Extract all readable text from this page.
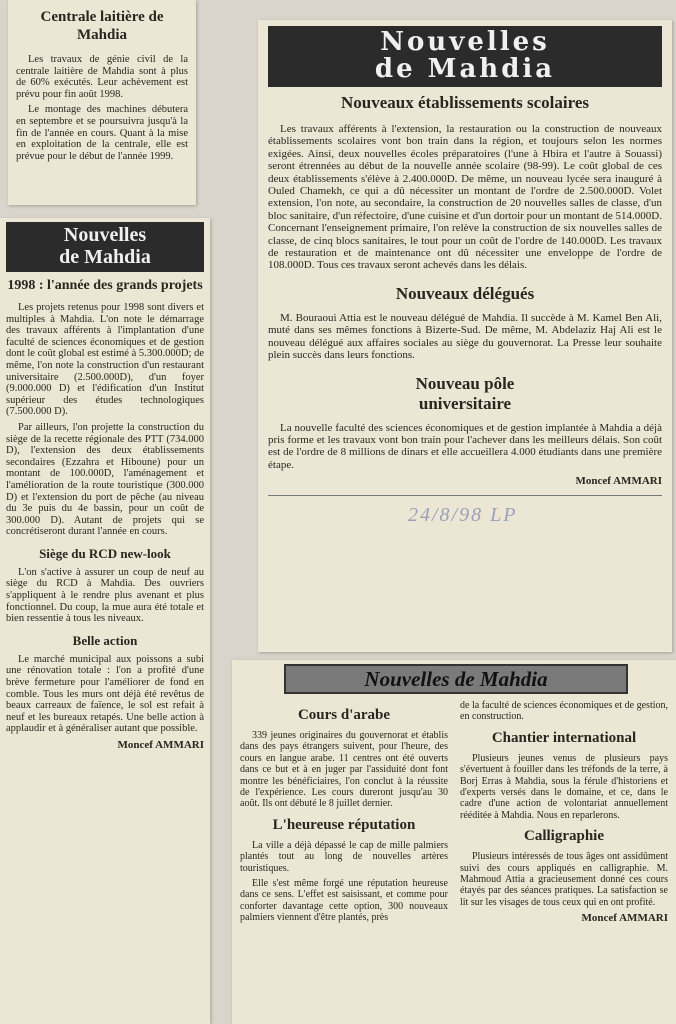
Centrale laitière de Mahdia

Les travaux de génie civil de la centrale laitière de Mahdia sont à plus de 60% exécutés. Leur achèvement est prévu pour fin août 1998.

Le montage des machines débutera en septembre et se poursuivra jusqu'à la fin de l'année en cours. Quant à la mise en exploitation de la centrale, elle est prévue pour le début de l'année 1999.

Nouvelles
de Mahdia
1998 : l'année des grands projets

Les projets retenus pour 1998 sont divers et multiples à Mahdia. L'on note le démarrage des travaux afférents à l'implantation d'une faculté de sciences économiques et de gestion dont le coût global est estimé à 5.300.000D; de même, l'on note la construction d'un restaurant universitaire (2.500.000D), d'un foyer (9.000.000 D) et l'édification d'un Institut supérieur des études technologiques (7.500.000 D).

Par ailleurs, l'on projette la construction du siège de la recette régionale des PTT (734.000 D), l'extension des deux établissements secondaires (Ezzahra et Hiboune) pour un montant de 100.000D, l'aménagement et l'amélioration de la route touristique (300.000 D) et l'extension du port de pêche (au niveau du 3e puis du 4e bassin, pour un coût de 300.000 D). Autant de projets qui se concrétiseront durant l'année en cours.

Siège du RCD new-look

L'on s'active à assurer un coup de neuf au siège du RCD à Mahdia. Des ouvriers s'appliquent à le rendre plus avenant et plus fonctionnel. Du coup, la mue aura été totale et bien ressentie à tous les niveaux.

Belle action

Le marché municipal aux poissons a subi une rénovation totale : l'on a profité d'une brève fermeture pour l'améliorer de fond en comble. Tous les murs ont déjà été revêtus de beaux carreaux de faïence, le sol est refait à neuf et les bureaux retapés. Une belle action à applaudir et à généraliser autant que possible.

Moncef AMMARI
Nouvelles
de Mahdia
Nouveaux établissements scolaires

Les travaux afférents à l'extension, la restauration ou la construction de nouveaux établissements scolaires vont bon train dans la région, et toujours selon les normes exigées. Ainsi, deux nouvelles écoles préparatoires (l'une à Hbira et l'autre à Souassi) seront étrennées au début de la nouvelle année scolaire (98-99). Le coût global de ces deux établissements s'élève à 2.400.000D. De même, un nouveau lycée sera inauguré à Ouled Chamekh, ce qui a dû nécessiter un montant de l'ordre de 2.500.000D. Volet extension, l'on note, au secondaire, la construction de 20 nouvelles salles de classe, d'un bloc sanitaire, d'un réfectoire, d'une cuisine et d'un dortoir pour un montant de 514.000D. Concernant l'enseignement primaire, l'on relève la construction de six nouvelles salles de classe, de cinq blocs sanitaires, le tout pour un coût de l'ordre de 140.000D. Les travaux de restauration et de maintenance ont dû nécessiter une enveloppe de l'ordre de 108.000D. Tous ces travaux seront achevés dans les délais.

Nouveaux délégués

M. Bouraoui Attia est le nouveau délégué de Mahdia. Il succède à M. Kamel Ben Ali, muté dans ses mêmes fonctions à Bizerte-Sud. De même, M. Abdelaziz Haj Ali est le nouveau délégué aux affaires sociales au siège du gouvernorat. La Presse leur souhaite plein succès dans leurs fonctions.

Nouveau pôle
universitaire

La nouvelle faculté des sciences économiques et de gestion implantée à Mahdia a déjà pris forme et les travaux vont bon train pour l'achever dans les meilleurs délais. Son coût est de l'ordre de 8 millions de dinars et elle accueillera 4.000 étudiants dans une première étape.

Moncef AMMARI
24/8/98 LP
Nouvelles de Mahdia
Cours d'arabe

339 jeunes originaires du gouvernorat et établis dans des pays étrangers suivent, pour l'heure, des cours en langue arabe. 11 centres ont été ouverts dans ce but et à en juger par l'assiduité dont font montre les bénéficiaires, l'on conclut à la réussite de l'expérience. Les cours dureront jusqu'au 30 août. Ils ont débuté le 8 juillet dernier.

L'heureuse réputation

La ville a déjà dépassé le cap de mille palmiers plantés tout au long de nouvelles artères touristiques.

Elle s'est même forgé une réputation heureuse dans ce sens. L'effet est saisissant, et comme pour conforter davantage cette option, 300 nouveaux palmiers viennent d'être plantés, près

de la faculté de sciences économiques et de gestion, en construction.

Chantier international

Plusieurs jeunes venus de plusieurs pays s'évertuent à fouiller dans les tréfonds de la terre, à Borj Erras à Mahdia, sous la férule d'historiens et d'experts versés dans le domaine, et ce, dans le cadre d'une action de volontariat annuellement rééditée à Mahdia. Nous en reparlerons.

Calligraphie

Plusieurs intéressés de tous âges ont assidûment suivi des cours appliqués en calligraphie. M. Mahmoud Attia a gracieusement donné ces cours étayés par des séances pratiques. La satisfaction se lit sur les visages de tous ceux qui en ont profité.

Moncef AMMARI
